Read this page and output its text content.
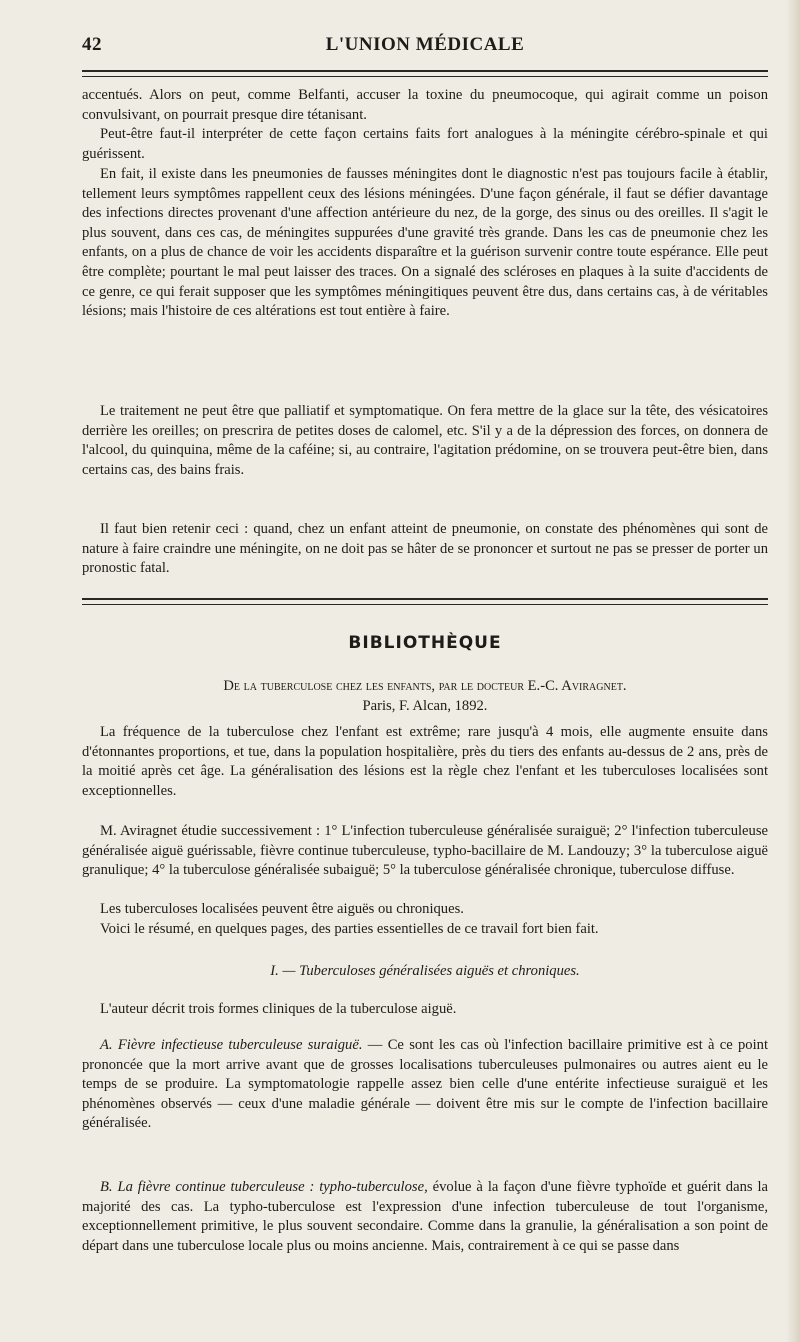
42	L'UNION MÉDICALE

accentués. Alors on peut, comme Belfanti, accuser la toxine du pneumocoque, qui agirait comme un poison convulsivant, on pourrait presque dire tétanisant.

Peut-être faut-il interpréter de cette façon certains faits fort analogues à la méningite cérébro-spinale et qui guérissent.

En fait, il existe dans les pneumonies de fausses méningites dont le diagnostic n'est pas toujours facile à établir, tellement leurs symptômes rappellent ceux des lésions méningées. D'une façon générale, il faut se défier davantage des infections directes provenant d'une affection antérieure du nez, de la gorge, des sinus ou des oreilles. Il s'agit le plus souvent, dans ces cas, de méningites suppurées d'une gravité très grande. Dans les cas de pneumonie chez les enfants, on a plus de chance de voir les accidents disparaître et la guérison survenir contre toute espérance. Elle peut être complète; pourtant le mal peut laisser des traces. On a signalé des scléroses en plaques à la suite d'accidents de ce genre, ce qui ferait supposer que les symptômes méningitiques peuvent être dus, dans certains cas, à de véritables lésions; mais l'histoire de ces altérations est tout entière à faire.

Le traitement ne peut être que palliatif et symptomatique. On fera mettre de la glace sur la tête, des vésicatoires derrière les oreilles; on prescrira de petites doses de calomel, etc. S'il y a de la dépression des forces, on donnera de l'alcool, du quinquina, même de la caféine; si, au contraire, l'agitation prédomine, on se trouvera peut-être bien, dans certains cas, des bains frais.

Il faut bien retenir ceci : quand, chez un enfant atteint de pneumonie, on constate des phénomènes qui sont de nature à faire craindre une méningite, on ne doit pas se hâter de se prononcer et surtout ne pas se presser de porter un pronostic fatal.

BIBLIOTHÈQUE

De la tuberculose chez les enfants, par le docteur E.-C. Aviragnet.

Paris, F. Alcan, 1892.

La fréquence de la tuberculose chez l'enfant est extrême; rare jusqu'à 4 mois, elle augmente ensuite dans d'étonnantes proportions, et tue, dans la population hospitalière, près du tiers des enfants au-dessus de 2 ans, près de la moitié après cet âge. La généralisation des lésions est la règle chez l'enfant et les tuberculoses localisées sont exceptionnelles.

M. Aviragnet étudie successivement : 1° L'infection tuberculeuse généralisée suraiguë; 2° l'infection tuberculeuse généralisée aiguë guérissable, fièvre continue tuberculeuse, typho-bacillaire de M. Landouzy; 3° la tuberculose aiguë granulique; 4° la tuberculose généralisée subaiguë; 5° la tuberculose généralisée chronique, tuberculose diffuse.

Les tuberculoses localisées peuvent être aiguës ou chroniques.

Voici le résumé, en quelques pages, des parties essentielles de ce travail fort bien fait.

I. — Tuberculoses généralisées aiguës et chroniques.

L'auteur décrit trois formes cliniques de la tuberculose aiguë.

A. Fièvre infectieuse tuberculeuse suraiguë. — Ce sont les cas où l'infection bacillaire primitive est à ce point prononcée que la mort arrive avant que de grosses localisations tuberculeuses pulmonaires ou autres aient eu le temps de se produire. La symptomatologie rappelle assez bien celle d'une entérite infectieuse suraiguë et les phénomènes observés — ceux d'une maladie générale — doivent être mis sur le compte de l'infection bacillaire généralisée.

B. La fièvre continue tuberculeuse : typho-tuberculose, évolue à la façon d'une fièvre typhoïde et guérit dans la majorité des cas. La typho-tuberculose est l'expression d'une infection tuberculeuse de tout l'organisme, exceptionnellement primitive, le plus souvent secondaire. Comme dans la granulie, la généralisation a son point de départ dans une tuberculose locale plus ou moins ancienne. Mais, contrairement à ce qui se passe dans
